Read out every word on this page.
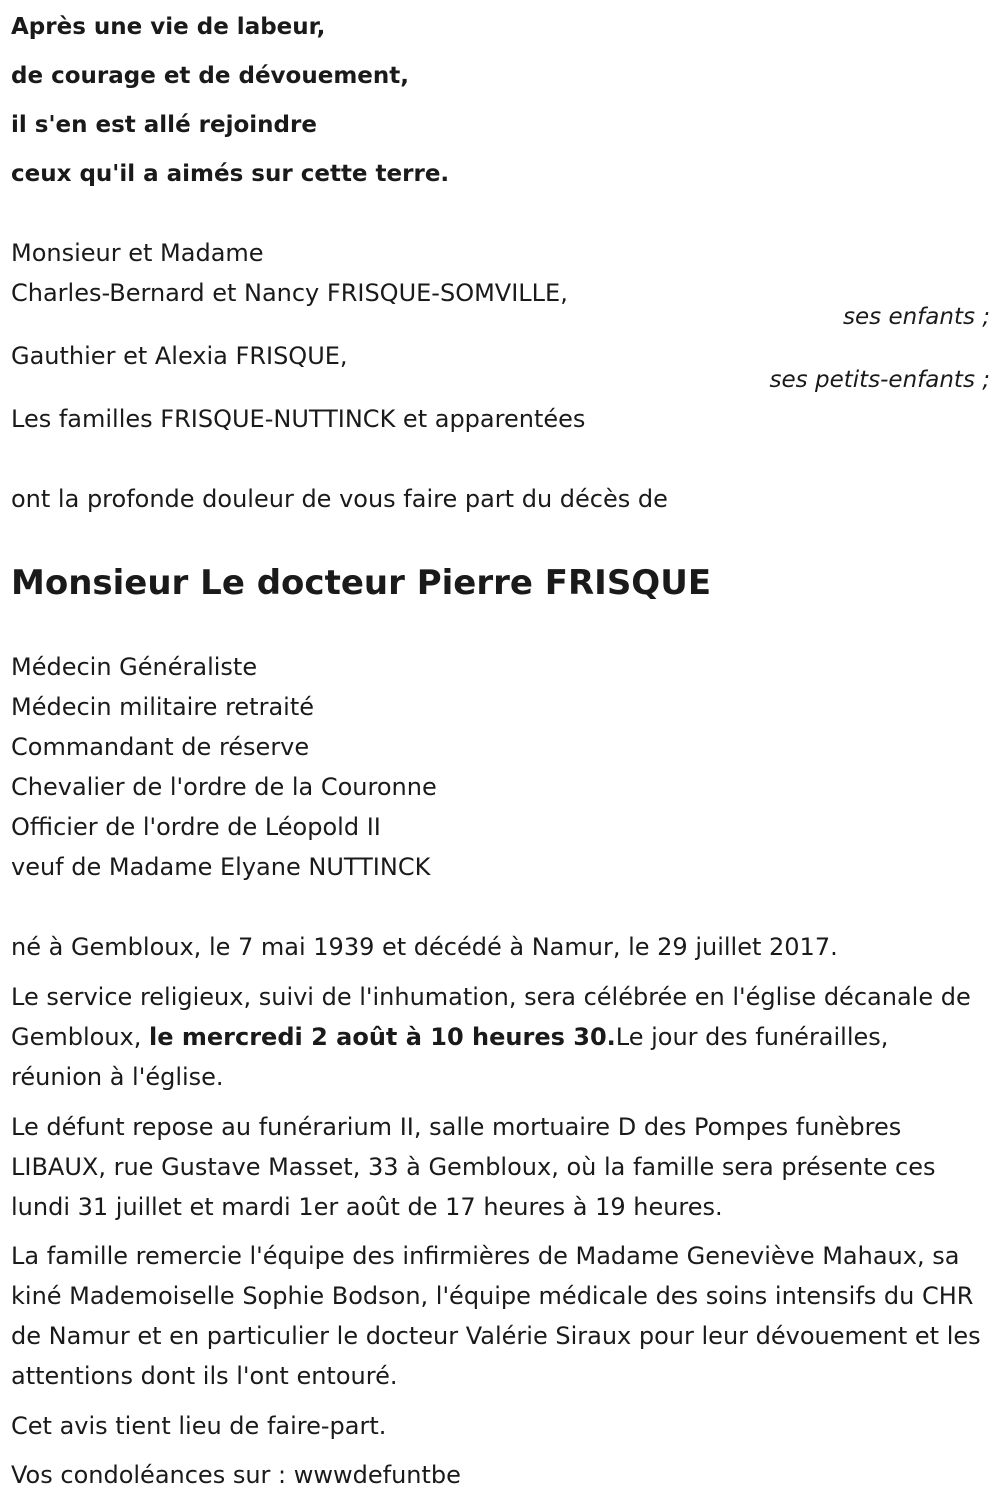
Après une vie de labeur,
de courage et de dévouement,
il s'en est allé rejoindre
ceux qu'il a aimés sur cette terre.
Monsieur et Madame
Charles-Bernard et Nancy FRISQUE-SOMVILLE,
ses enfants ;
Gauthier et Alexia FRISQUE,
ses petits-enfants ;
Les familles FRISQUE-NUTTINCK et apparentées
ont la profonde douleur de vous faire part du décès de
Monsieur Le docteur Pierre FRISQUE
Médecin Généraliste
Médecin militaire retraité
Commandant de réserve
Chevalier de l'ordre de la Couronne
Officier de l'ordre de Léopold II
veuf de Madame Elyane NUTTINCK
né à Gembloux, le 7 mai 1939 et décédé à Namur, le 29 juillet 2017.
Le service religieux, suivi de l'inhumation, sera célébrée en l'église décanale de Gembloux, le mercredi 2 août à 10 heures 30.Le jour des funérailles, réunion à l'église.
Le défunt repose au funérarium II, salle mortuaire D des Pompes funèbres LIBAUX, rue Gustave Masset, 33 à Gembloux, où la famille sera présente ces lundi 31 juillet et mardi 1er août de 17 heures à 19 heures.
La famille remercie l'équipe des infirmières de Madame Geneviève Mahaux, sa kiné Mademoiselle Sophie Bodson, l'équipe médicale des soins intensifs du CHR de Namur et en particulier le docteur Valérie Siraux pour leur dévouement et les attentions dont ils l'ont entouré.
Cet avis tient lieu de faire-part.
Vos condoléances sur : wwwdefuntbe
